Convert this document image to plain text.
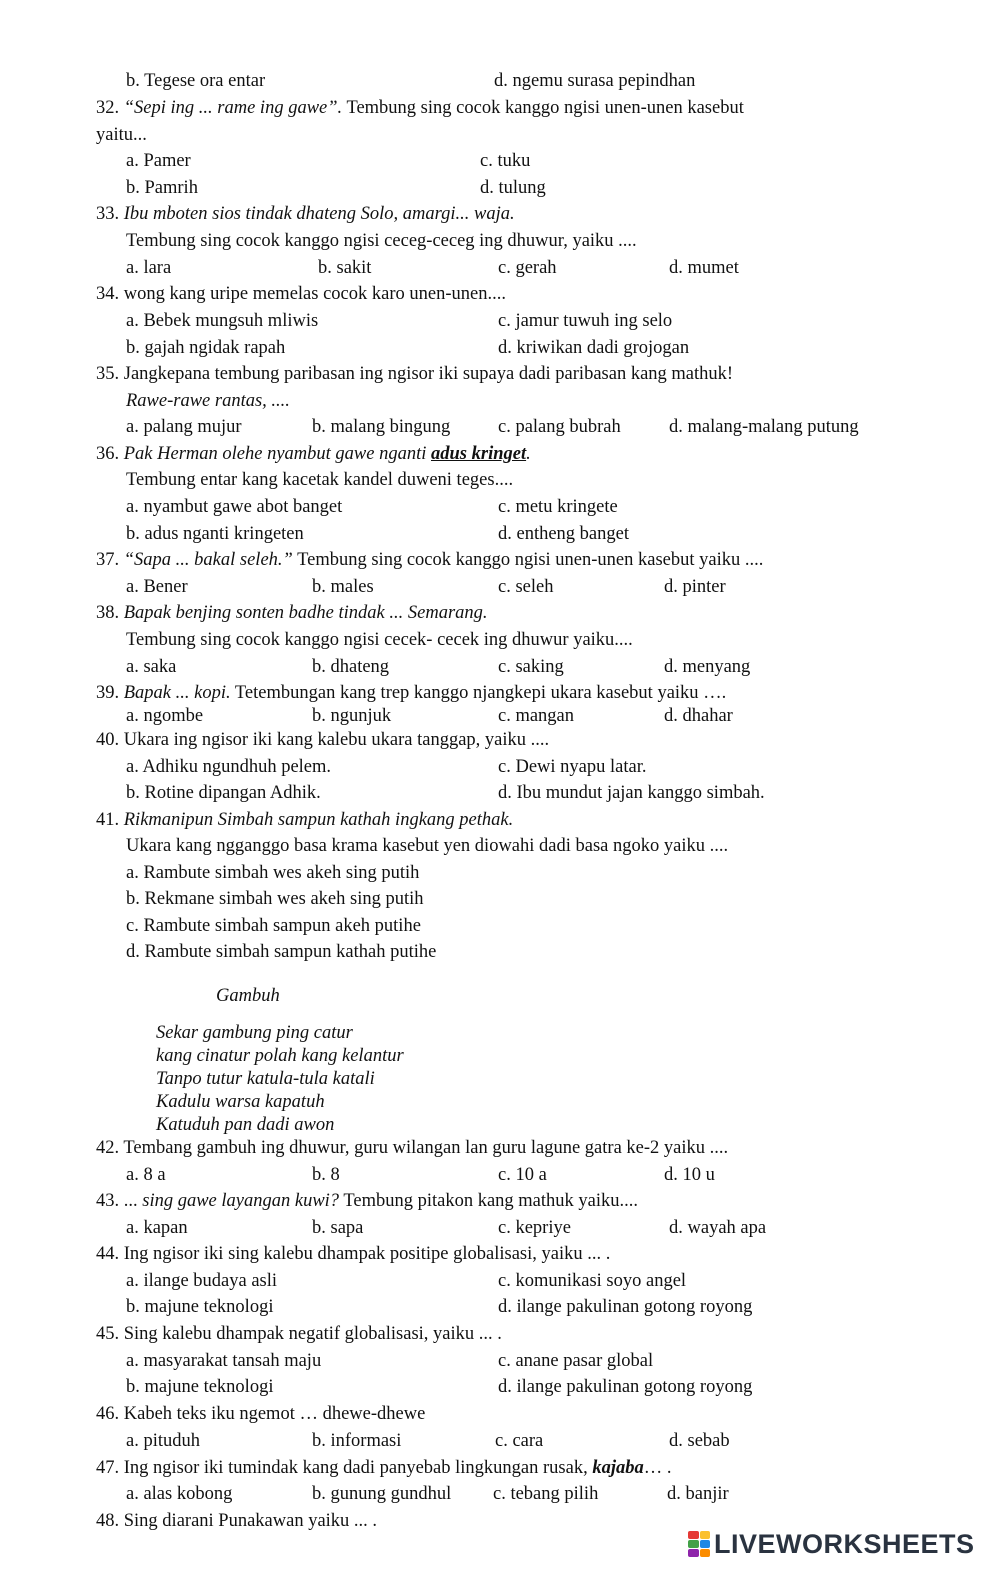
b. Tegese ora entar	d. ngemu surasa pepindhan
32. “Sepi ing ... rame ing gawe”. Tembung sing cocok kanggo ngisi unen-unen kasebut
yaitu...
a. Pamer	c. tuku
b. Pamrih	d. tulung
33. Ibu mboten sios tindak dhateng Solo, amargi... waja.
Tembung sing cocok kanggo ngisi ceceg-ceceg ing dhuwur, yaiku ....
a. lara	b. sakit	c. gerah	d. mumet
34. wong kang uripe memelas cocok karo unen-unen....
a. Bebek mungsuh mliwis	c. jamur tuwuh ing selo
b. gajah ngidak rapah	d. kriwikan dadi grojogan
35. Jangkepana tembung paribasan ing ngisor iki supaya dadi paribasan kang mathuk!
Rawe-rawe rantas, ....
a. palang mujur	b. malang bingung	c. palang bubrah	d. malang-malang putung
36. Pak Herman olehe nyambut gawe nganti adus kringet.
Tembung entar kang kacetak kandel duweni teges....
a. nyambut gawe abot banget	c. metu kringete
b. adus nganti kringeten	d. entheng banget
37. “Sapa ... bakal seleh.” Tembung sing cocok kanggo ngisi unen-unen kasebut yaiku ....
a. Bener	b. males	c. seleh	d. pinter
38. Bapak benjing sonten badhe tindak ... Semarang.
Tembung sing cocok kanggo ngisi cecek- cecek ing dhuwur yaiku....
a. saka	b. dhateng	c. saking	d. menyang
39. Bapak ... kopi. Tetembungan kang trep kanggo njangkepi ukara kasebut yaiku ….
a. ngombe	b. ngunjuk	c. mangan	d. dhahar
40. Ukara ing ngisor iki kang kalebu ukara tanggap, yaiku ....
a. Adhiku ngundhuh pelem.	c. Dewi nyapu latar.
b. Rotine dipangan Adhik.	d. Ibu mundut jajan kanggo simbah.
41. Rikmanipun Simbah sampun kathah ingkang pethak.
Ukara kang ngganggo basa krama kasebut yen diowahi dadi basa ngoko yaiku ....
a. Rambute simbah wes akeh sing putih
b. Rekmane simbah wes akeh sing putih
c. Rambute simbah sampun akeh putihe
d. Rambute simbah sampun kathah putihe
Gambuh
Sekar gambung ping catur
kang cinatur polah kang kelantur
Tanpo tutur katula-tula katali
Kadulu warsa kapatuh
Katuduh pan dadi awon
42. Tembang gambuh ing dhuwur, guru wilangan lan guru lagune gatra ke-2 yaiku ....
a. 8 a	b. 8	c. 10 a	d. 10 u
43. ... sing gawe layangan kuwi? Tembung pitakon kang mathuk yaiku....
a. kapan	b. sapa	c. kepriye	d. wayah apa
44. Ing ngisor iki sing kalebu dhampak positipe globalisasi, yaiku ... .
a. ilange budaya asli	c. komunikasi soyo angel
b. majune teknologi	d. ilange pakulinan gotong royong
45. Sing kalebu dhampak negatif globalisasi, yaiku ... .
a. masyarakat tansah maju	c. anane pasar global
b. majune teknologi	d. ilange pakulinan gotong royong
46. Kabeh teks iku ngemot … dhewe-dhewe
a. pituduh	b. informasi	c. cara	d. sebab
47. Ing ngisor iki tumindak kang dadi panyebab lingkungan rusak, kajaba… .
a. alas kobong	b. gunung gundhul c. tebang pilih	d. banjir
48. Sing diarani Punakawan yaiku ... .
LIVEWORKSHEETS
